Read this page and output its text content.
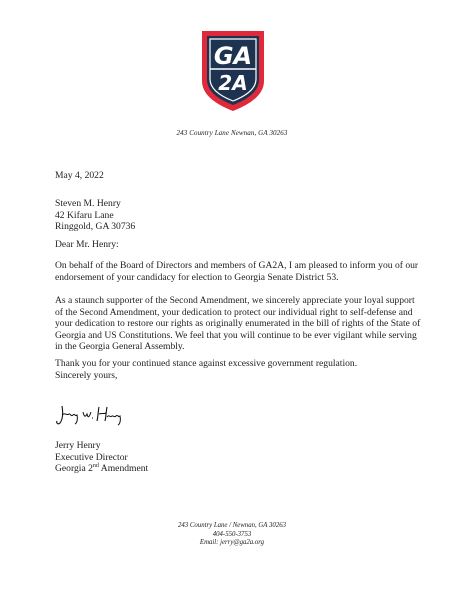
GA
2A
243 Country Lane Newnan, GA 30263
May 4, 2022
Steven M. Henry
42 Kifaru Lane
Ringgold, GA 30736
Dear Mr. Henry:
On behalf of the Board of Directors and members of GA2A, I am pleased to inform you of our endorsement of your candidacy for election to Georgia Senate District 53.
As a staunch supporter of the Second Amendment, we sincerely appreciate your loyal support of the Second Amendment, your dedication to protect our individual right to self-defense and your dedication to restore our rights as originally enumerated in the bill of rights of the State of Georgia and US Constitutions. We feel that you will continue to be ever vigilant while serving in the Georgia General Assembly.
Thank you for your continued stance against excessive government regulation.
Sincerely yours,
Jerry Henry
Executive Director
Georgia 2nd Amendment
243 Country Lane / Newnan, GA 30263
404-550-3753
Email: jerry@ga2a.org
